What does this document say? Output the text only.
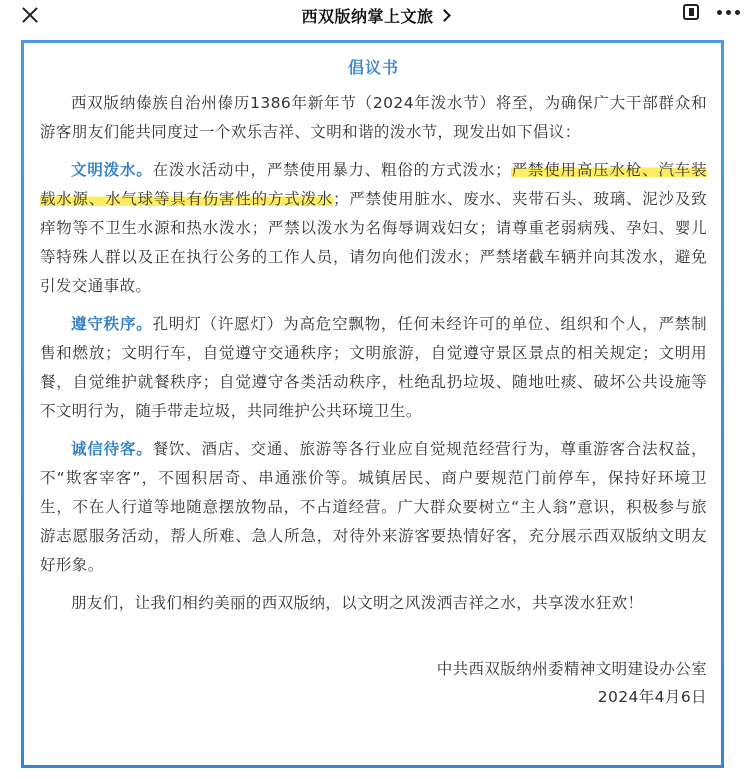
西双版纳掌上文旅
倡议书

西双版纳傣族自治州傣历1386年新年节（2024年泼水节）将至，为确保广大干部群众和游客朋友们能共同度过一个欢乐吉祥、文明和谐的泼水节，现发出如下倡议：

文明泼水。在泼水活动中，严禁使用暴力、粗俗的方式泼水；严禁使用高压水枪、汽车装载水源、水气球等具有伤害性的方式泼水；严禁使用脏水、废水、夹带石头、玻璃、泥沙及致痒物等不卫生水源和热水泼水；严禁以泼水为名侮辱调戏妇女；请尊重老弱病残、孕妇、婴儿等特殊人群以及正在执行公务的工作人员，请勿向他们泼水；严禁堵截车辆并向其泼水，避免引发交通事故。

遵守秩序。孔明灯（许愿灯）为高危空飘物，任何未经许可的单位、组织和个人，严禁制售和燃放；文明行车，自觉遵守交通秩序；文明旅游，自觉遵守景区景点的相关规定；文明用餐，自觉维护就餐秩序；自觉遵守各类活动秩序，杜绝乱扔垃圾、随地吐痰、破坏公共设施等不文明行为，随手带走垃圾，共同维护公共环境卫生。

诚信待客。餐饮、酒店、交通、旅游等各行业应自觉规范经营行为，尊重游客合法权益，不“欺客宰客”，不囤积居奇、串通涨价等。城镇居民、商户要规范门前停车，保持好环境卫生，不在人行道等地随意摆放物品，不占道经营。广大群众要树立“主人翁”意识，积极参与旅游志愿服务活动，帮人所难、急人所急，对待外来游客要热情好客，充分展示西双版纳文明友好形象。

朋友们，让我们相约美丽的西双版纳，以文明之风泼洒吉祥之水，共享泼水狂欢！

中共西双版纳州委精神文明建设办公室

2024年4月6日
